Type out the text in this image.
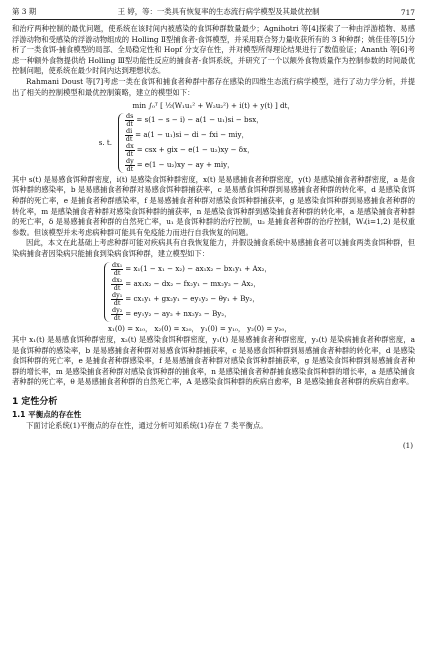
第 3 期	王 婷，等：一类具有恢复率的生态流行病学模型及其最优控制	717

和治疗两种控制的最优问题，使系统在该时间内被感染的食饵种群数量最少；Agnihotri 等[4]探索了一种由浮游植物、易感浮游动物和受感染的浮游动物组成的 Holling Ⅱ型捕食者-食饵模型，并采用联合努力量收获所有的 3 种种群；姚佳佳等[5]分析了一类食饵-捕食模型的局部、全局稳定性和 Hopf 分支存在性，并对模型所得理论结果进行了数值验证；Ananth 等[6]考虑一种额外食物提供给 Holling Ⅲ型功能性反应的捕食者-食饵系统，并研究了一个以额外食物质量作为控制参数的时间最优控制问题，使系统在最少时间内达到理想状态。

Rahmani Doust 等[7]考虑一类在食饵和捕食者种群中都存在感染的四维生态流行病学模型，进行了动力学分析，并提出了相关的控制模型和最优控制策略，建立的模型如下：

min ∫₀ᵀ [ ½(W₁u₁² + W₂u₂²) + i(t) + y(t) ] dt，
s. t.
$\frac{ds}{dt} = s(1 - s - i) - a(1 - u_1)si$ − bsx，
$\frac{di}{dt} = a(1 - u_1)si$ − di − fxi − miy，
$\frac{dx}{dt}$ = csx + gix − e(1 − u₂)xy − δx，
$\frac{dy}{dt} = e(1 - u_2)xy$ − ay + miy，

其中 s(t) 是易感食饵种群密度，i(t) 是感染食饵种群密度，x(t) 是易感捕食者种群密度，y(t) 是感染捕食者种群密度，a 是食饵种群的感染率，b 是易感捕食者种群对易感食饵种群捕获率，c 是易感食饵种群到易感捕食者种群的转化率，d 是感染食饵种群的死亡率，e 是捕食者种群感染率，f 是易感捕食者种群对感染食饵种群捕获率，g 是感染食饵种群到易感捕食者种群的转化率，m 是感染捕食者种群对感染食饵种群的捕获率，n 是感染食饵种群到感染捕食者种群的转化率，a 是感染捕食者种群的死亡率，δ 是易感捕食者种群的自然死亡率，u₁ 是食饵种群的治疗控制，u₂ 是捕食者种群的治疗控制，Wᵢ(i=1,2) 是权重参数。但该模型并未考虑病种群可能具有免疫能力而进行自我恢复的问题。

因此，本文在此基础上考虑种群可能对疾病具有自我恢复能力，并假设捕食系统中易感捕食者可以捕食两类食饵种群，但染病捕食者因染病只能捕食到染病食饵种群，建立模型如下：

$\frac{\text{dx₁}}{dt} = x_1(1 - x_1 - x_2) - ax_1x_2 - bx_1y_1 + Ax_2$，
$\frac{\text{dx₂}}{dt} = ax_1x_2 - dx_2 - fx_2y_1 - mx_2y_2 - Ax_2$，
$\frac{\text{dy₁}}{dt} = cx_1y_1 + gx_2y_1 - ey_1y_2 - \theta y_1 + By_2$，
$\frac{\text{dy₂}}{dt} = ey_1y_2 - ay_2 + nx_2y_2 - By_2$，
(1)
x₁(0) = x₁₀， x₂(0) = x₂₀， y₁(0) = y₁₀， y₂(0) = y₂₀，

其中 x₁(t) 是易感食饵种群密度，x₂(t) 是感染食饵种群密度，y₁(t) 是易感捕食者种群密度，y₂(t) 是染病捕食者种群密度，a 是食饵种群的感染率，b 是易感捕食者种群对易感食饵种群捕获率，c 是易感食饵种群到易感捕食者种群的转化率，d 是感染食饵种群的死亡率，e 是捕食者种群感染率，f 是易感捕食者种群对感染食饵种群捕获率，g 是感染食饵种群到易感捕食者种群的增长率，m 是感染捕食者种群对感染食饵种群的捕食率，n 是感染捕食者种群捕食感染食饵种群的增长率，a 是感染捕食者种群的死亡率，θ 是易感捕食者种群的自然死亡率，A 是感染食饵种群的疾病自愈率，B 是感染捕食者种群的疾病自愈率。

1 定性分析
1.1 平衡点的存在性

下面讨论系统(1)平衡点的存在性，通过分析可知系统(1)存在 7 类平衡点。
